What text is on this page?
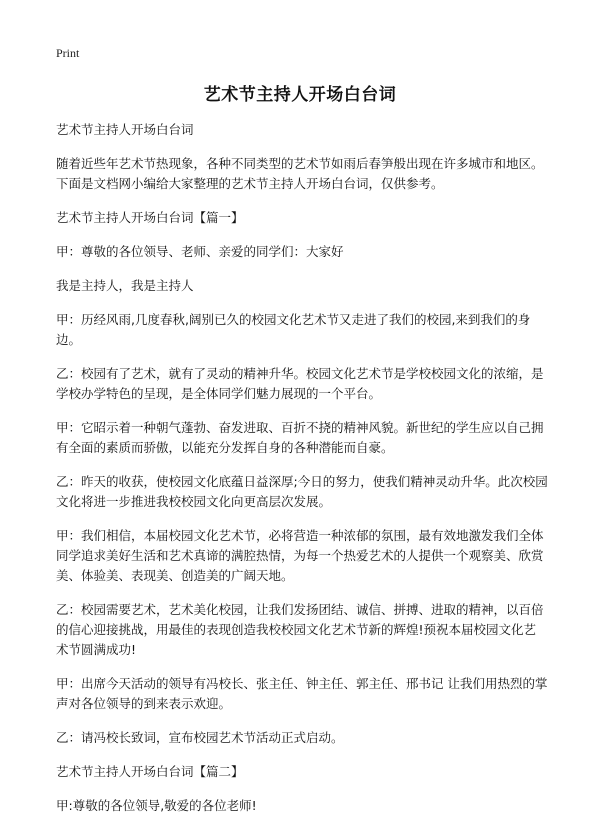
Print
艺术节主持人开场白台词

艺术节主持人开场白台词

随着近些年艺术节热现象，各种不同类型的艺术节如雨后春笋般出现在许多城市和地区。下面是文档网小编给大家整理的艺术节主持人开场白台词，仅供参考。

艺术节主持人开场白台词【篇一】

甲：尊敬的各位领导、老师、亲爱的同学们：大家好

我是主持人，我是主持人

甲：历经风雨,几度春秋,阔别已久的校园文化艺术节又走进了我们的校园,来到我们的身边。

乙：校园有了艺术，就有了灵动的精神升华。校园文化艺术节是学校校园文化的浓缩，是学校办学特色的呈现，是全体同学们魅力展现的一个平台。

甲：它昭示着一种朝气蓬勃、奋发进取、百折不挠的精神风貌。新世纪的学生应以自己拥有全面的素质而骄傲，以能充分发挥自身的各种潜能而自豪。

乙：昨天的收获，使校园文化底蕴日益深厚;今日的努力，使我们精神灵动升华。此次校园文化将进一步推进我校校园文化向更高层次发展。

甲：我们相信，本届校园文化艺术节，必将营造一种浓郁的氛围，最有效地激发我们全体同学追求美好生活和艺术真谛的满腔热情，为每一个热爱艺术的人提供一个观察美、欣赏美、体验美、表现美、创造美的广阔天地。

乙：校园需要艺术，艺术美化校园，让我们发扬团结、诚信、拼搏、进取的精神，以百倍的信心迎接挑战，用最佳的表现创造我校校园文化艺术节新的辉煌!预祝本届校园文化艺术节圆满成功!

甲：出席今天活动的领导有冯校长、张主任、钟主任、郭主任、邢书记 让我们用热烈的掌声对各位领导的到来表示欢迎。

乙：请冯校长致词，宣布校园艺术节活动正式启动。

艺术节主持人开场白台词【篇二】

甲:尊敬的各位领导,敬爱的各位老师!
